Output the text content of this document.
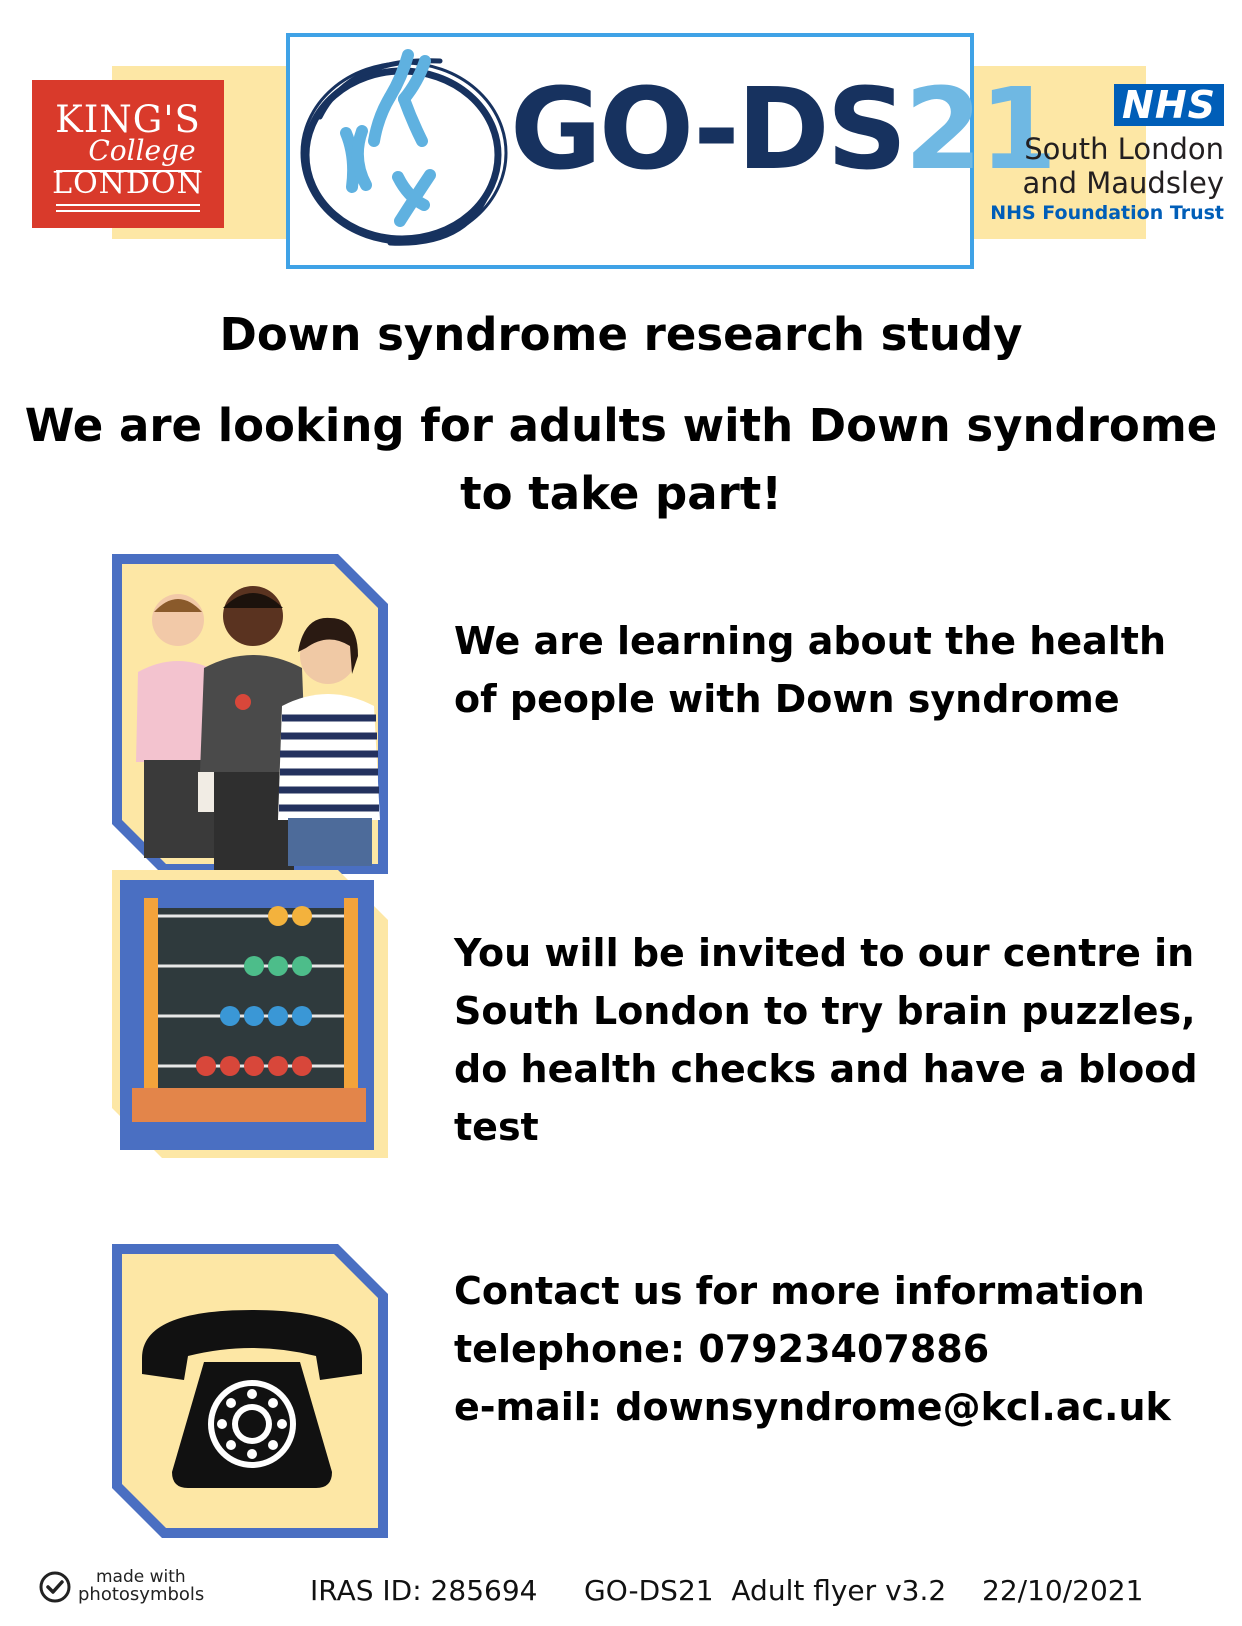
KING'S
College
LONDON	GO-DS21	NHS
South London
and Maudsley
NHS Foundation Trust
Down syndrome research study
We are looking for adults with Down syndrome to take part!
We are learning about the health of people with Down syndrome
You will be invited to our centre in South London to try brain puzzles, do health checks and have a blood test
Contact us for more information
telephone: 07923407886
e-mail: downsyndrome@kcl.ac.uk
made with
photosymbols	IRAS ID: 285694 GO-DS21  Adult flyer v3.2 22/10/2021
